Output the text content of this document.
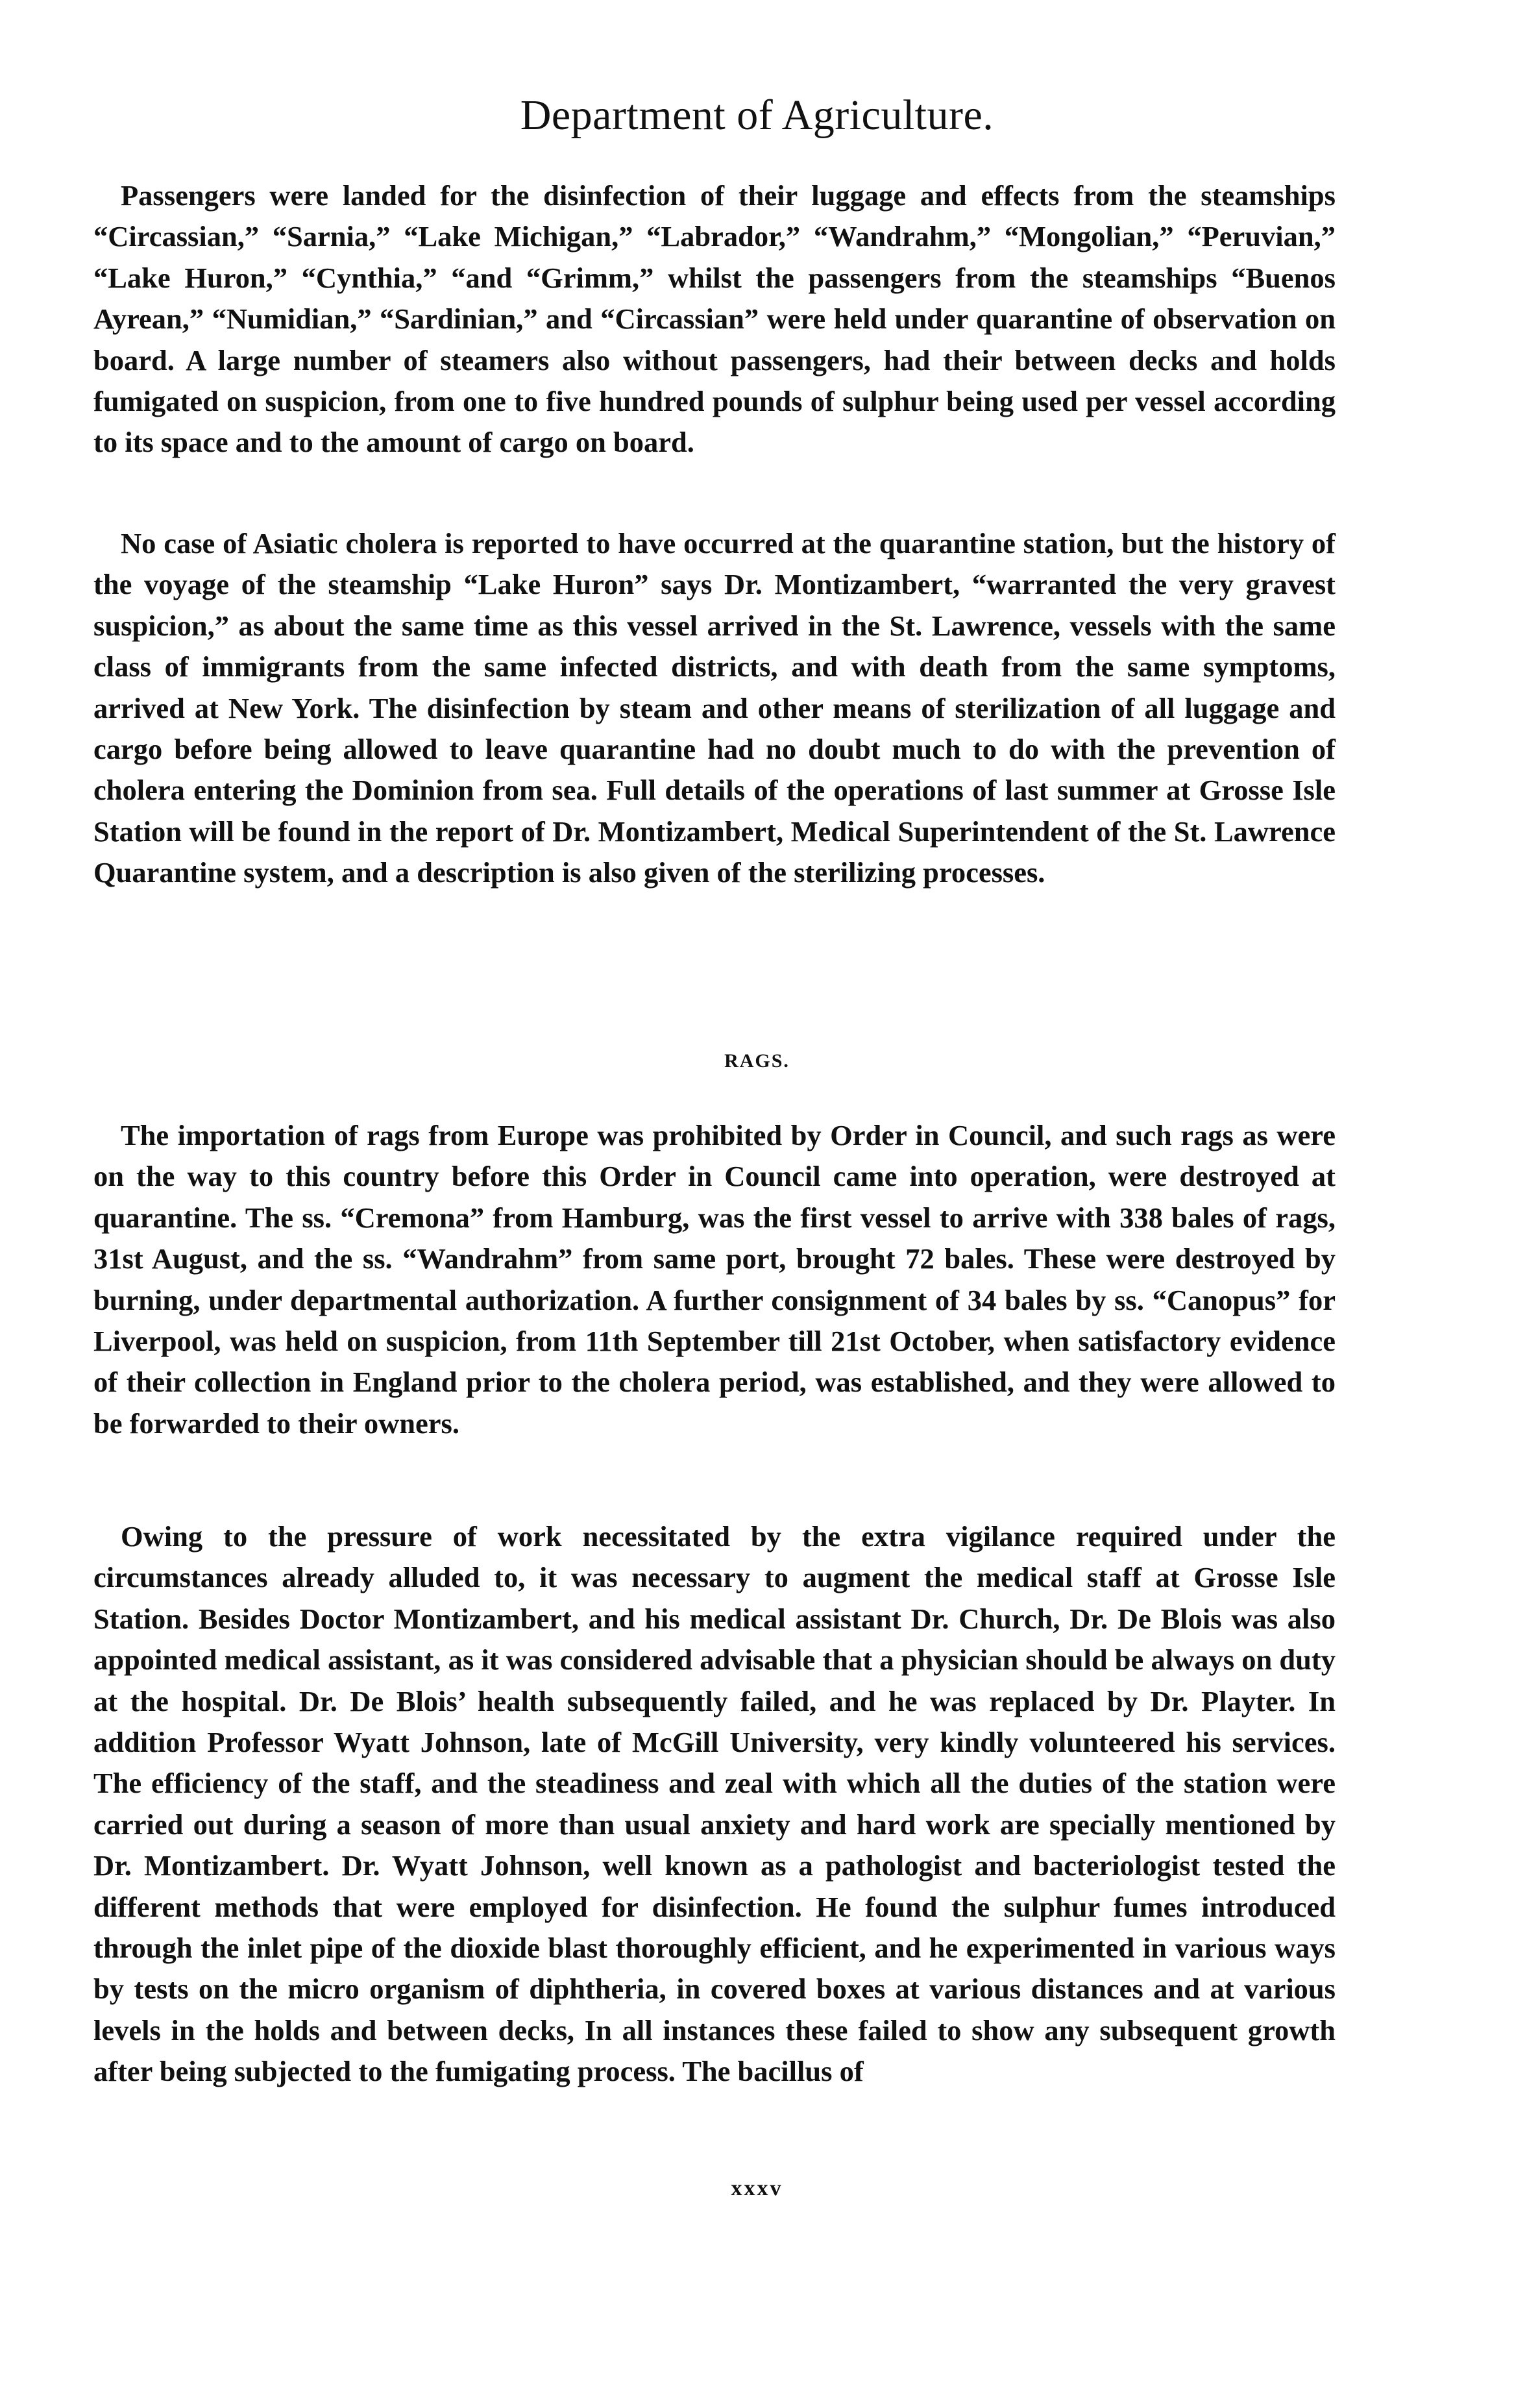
Department of Agriculture.

Passengers were landed for the disinfection of their luggage and effects from the steamships “Circassian,” “Sarnia,” “Lake Michigan,” “Labrador,” “Wandrahm,” “Mongolian,” “Peruvian,” “Lake Huron,” “Cynthia,” “and “Grimm,” whilst the passengers from the steamships “Buenos Ayrean,” “Numidian,” “Sardinian,” and “Circassian” were held under quarantine of observation on board. A large number of steamers also without passengers, had their between decks and holds fumigated on suspicion, from one to five hundred pounds of sulphur being used per vessel according to its space and to the amount of cargo on board.

No case of Asiatic cholera is reported to have occurred at the quarantine station, but the history of the voyage of the steamship “Lake Huron” says Dr. Montizambert, “warranted the very gravest suspicion,” as about the same time as this vessel arrived in the St. Lawrence, vessels with the same class of immigrants from the same infected districts, and with death from the same symptoms, arrived at New York. The disinfection by steam and other means of sterilization of all luggage and cargo before being allowed to leave quarantine had no doubt much to do with the prevention of cholera entering the Dominion from sea. Full details of the operations of last summer at Grosse Isle Station will be found in the report of Dr. Montizambert, Medical Superintendent of the St. Lawrence Quarantine system, and a description is also given of the sterilizing processes.

RAGS.

The importation of rags from Europe was prohibited by Order in Council, and such rags as were on the way to this country before this Order in Council came into operation, were destroyed at quarantine. The ss. “Cremona” from Hamburg, was the first vessel to arrive with 338 bales of rags, 31st August, and the ss. “Wandrahm” from same port, brought 72 bales. These were destroyed by burning, under departmental authorization. A further consignment of 34 bales by ss. “Canopus” for Liverpool, was held on suspicion, from 11th September till 21st October, when satisfactory evidence of their collection in England prior to the cholera period, was established, and they were allowed to be forwarded to their owners.

Owing to the pressure of work necessitated by the extra vigilance required under the circumstances already alluded to, it was necessary to augment the medical staff at Grosse Isle Station. Besides Doctor Montizambert, and his medical assistant Dr. Church, Dr. De Blois was also appointed medical assistant, as it was considered advisable that a physician should be always on duty at the hospital. Dr. De Blois’ health subsequently failed, and he was replaced by Dr. Playter. In addition Professor Wyatt Johnson, late of McGill University, very kindly volunteered his services. The efficiency of the staff, and the steadiness and zeal with which all the duties of the station were carried out during a season of more than usual anxiety and hard work are specially mentioned by Dr. Montizambert. Dr. Wyatt Johnson, well known as a pathologist and bacteriologist tested the different methods that were employed for disinfection. He found the sulphur fumes introduced through the inlet pipe of the dioxide blast thoroughly efficient, and he experimented in various ways by tests on the micro organism of diphtheria, in covered boxes at various distances and at various levels in the holds and between decks, In all instances these failed to show any subsequent growth after being subjected to the fumigating process. The bacillus of

xxxv
